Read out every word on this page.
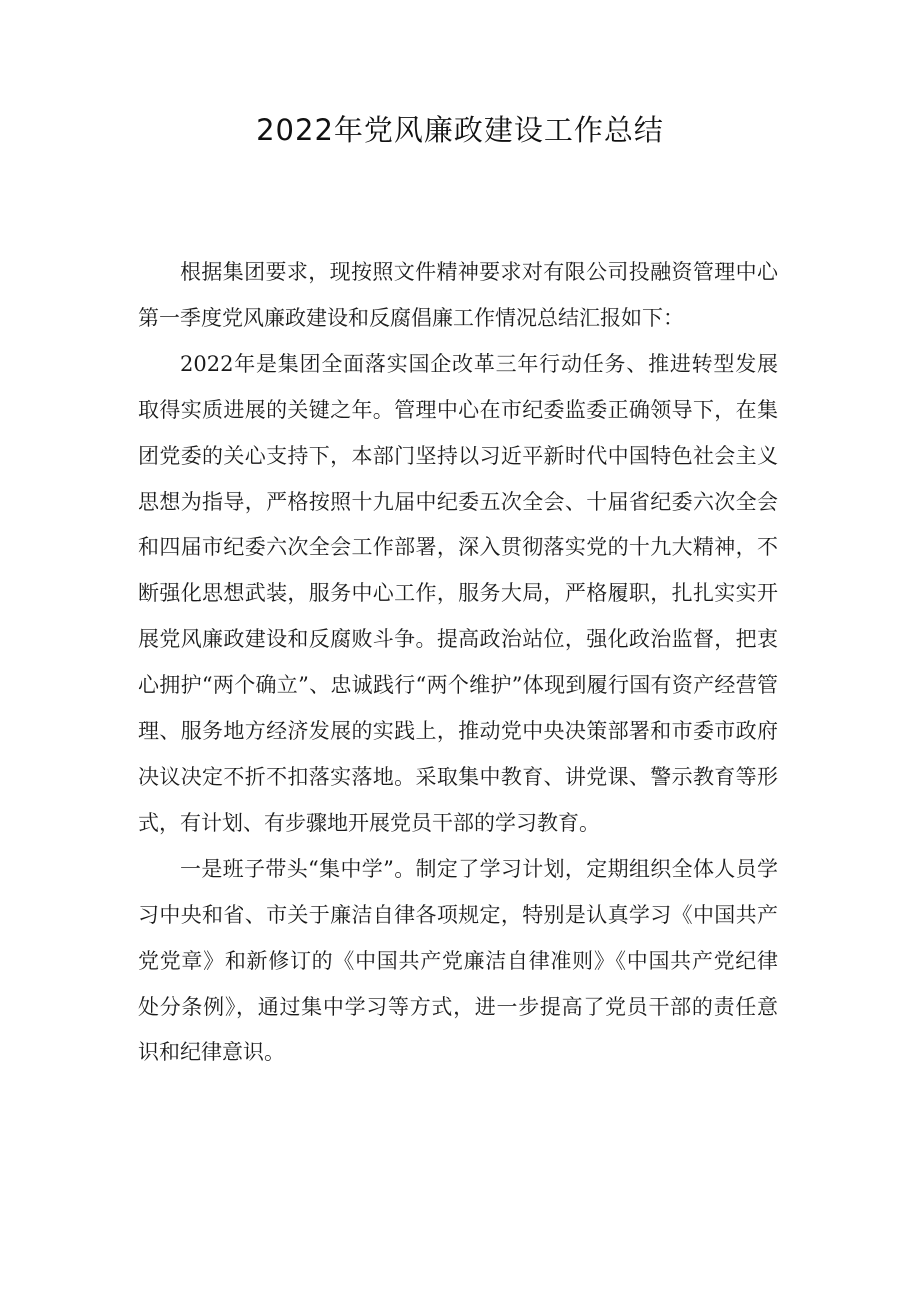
2022年党风廉政建设工作总结

根据集团要求，现按照文件精神要求对有限公司投融资管理中心第一季度党风廉政建设和反腐倡廉工作情况总结汇报如下：

2022年是集团全面落实国企改革三年行动任务、推进转型发展取得实质进展的关键之年。管理中心在市纪委监委正确领导下，在集团党委的关心支持下，本部门坚持以习近平新时代中国特色社会主义思想为指导，严格按照十九届中纪委五次全会、十届省纪委六次全会和四届市纪委六次全会工作部署，深入贯彻落实党的十九大精神，不断强化思想武装，服务中心工作，服务大局，严格履职，扎扎实实开展党风廉政建设和反腐败斗争。提高政治站位，强化政治监督，把衷心拥护“两个确立”、忠诚践行“两个维护”体现到履行国有资产经营管理、服务地方经济发展的实践上，推动党中央决策部署和市委市政府决议决定不折不扣落实落地。采取集中教育、讲党课、警示教育等形式，有计划、有步骤地开展党员干部的学习教育。

一是班子带头“集中学”。制定了学习计划，定期组织全体人员学习中央和省、市关于廉洁自律各项规定，特别是认真学习《中国共产党党章》和新修订的《中国共产党廉洁自律准则》《中国共产党纪律处分条例》，通过集中学习等方式，进一步提高了党员干部的责任意识和纪律意识。
